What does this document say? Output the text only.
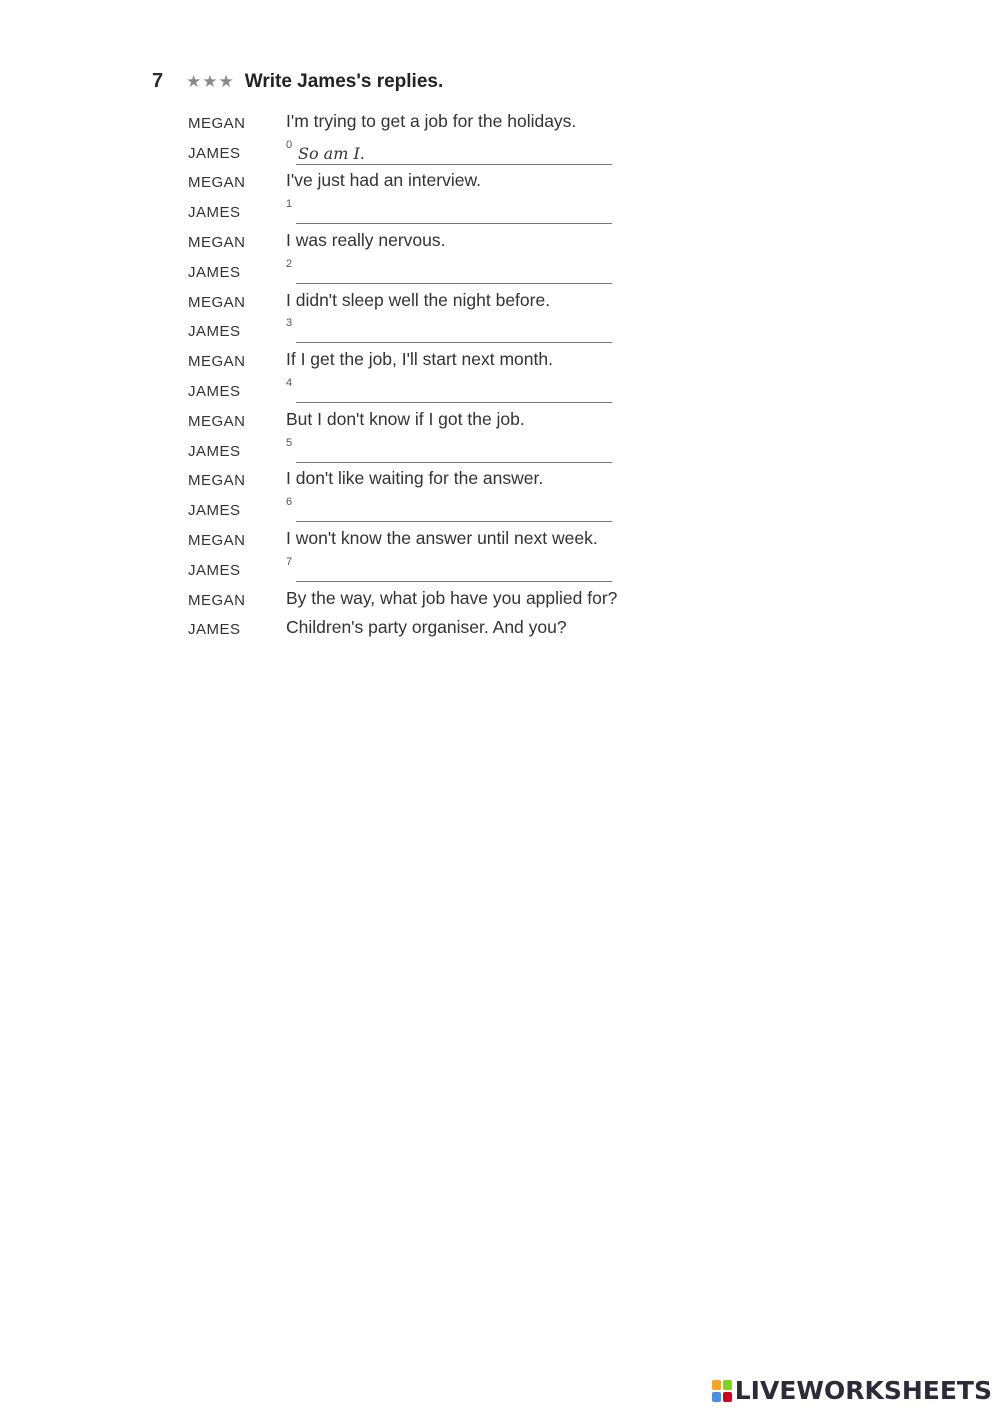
7	★★★ Write James's replies.
MEGAN	I'm trying to get a job for the holidays.
JAMES	0 So am I.
MEGAN	I've just had an interview.
JAMES	1
MEGAN	I was really nervous.
JAMES	2
MEGAN	I didn't sleep well the night before.
JAMES	3
MEGAN	If I get the job, I'll start next month.
JAMES	4
MEGAN	But I don't know if I got the job.
JAMES	5
MEGAN	I don't like waiting for the answer.
JAMES	6
MEGAN	I won't know the answer until next week.
JAMES	7
MEGAN	By the way, what job have you applied for?
JAMES	Children's party organiser. And you?
LIVEWORKSHEETS
